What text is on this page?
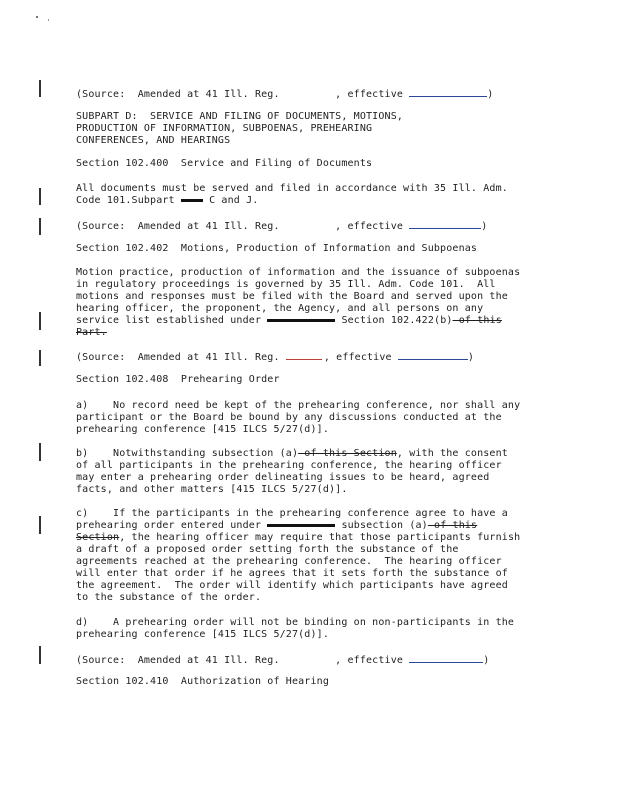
(Source:  Amended at 41 Ill. Reg.         , effective	)
SUBPART D:  SERVICE AND FILING OF DOCUMENTS, MOTIONS,
PRODUCTION OF INFORMATION, SUBPOENAS, PREHEARING
CONFERENCES, AND HEARINGS
Section 102.400  Service and Filing of Documents
All documents must be served and filed in accordance with 35 Ill. Adm.
Code 101.Subpart  C and J.
(Source:  Amended at 41 Ill. Reg.         , effective	)
Section 102.402  Motions, Production of Information and Subpoenas
Motion practice, production of information and the issuance of subpoenas
in regulatory proceedings is governed by 35 Ill. Adm. Code 101.  All
motions and responses must be filed with the Board and served upon the
hearing officer, the proponent, the Agency, and all persons on any
service list established under	Section 102.422(b) of this
Part.
(Source:  Amended at 41 Ill. Reg.	, effective	)
Section 102.408  Prehearing Order
a)    No record need be kept of the prehearing conference, nor shall any
participant or the Board be bound by any discussions conducted at the
prehearing conference [415 ILCS 5/27(d)].
b)    Notwithstanding subsection (a) of this Section, with the consent
of all participants in the prehearing conference, the hearing officer
may enter a prehearing order delineating issues to be heard, agreed
facts, and other matters [415 ILCS 5/27(d)].
c)    If the participants in the prehearing conference agree to have a
prehearing order entered under	subsection (a) of this
Section, the hearing officer may require that those participants furnish
a draft of a proposed order setting forth the substance of the
agreements reached at the prehearing conference.  The hearing officer
will enter that order if he agrees that it sets forth the substance of
the agreement.  The order will identify which participants have agreed
to the substance of the order.
d)    A prehearing order will not be binding on non-participants in the
prehearing conference [415 ILCS 5/27(d)].
(Source:  Amended at 41 Ill. Reg.         , effective	)
Section 102.410  Authorization of Hearing
